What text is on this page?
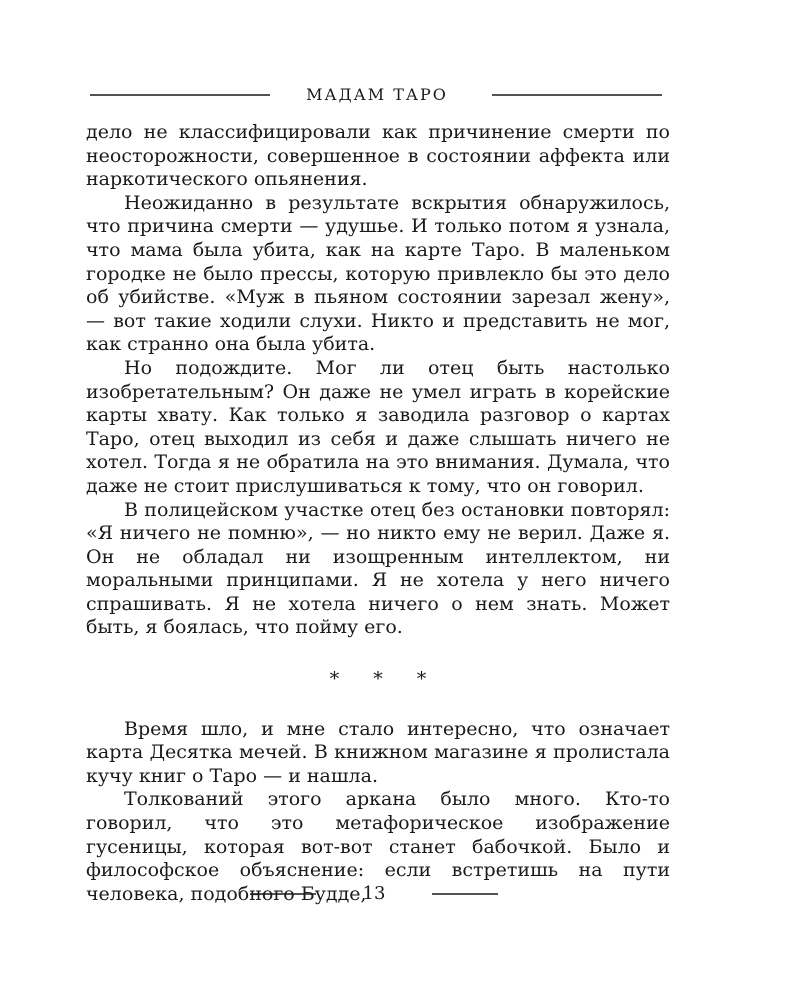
МАДАМ ТАРО

дело не классифицировали как причинение смерти по неосторожности, совершенное в состоянии аффекта или наркотического опьянения.

Неожиданно в результате вскрытия обнаружилось, что причина смерти — удушье. И только потом я узнала, что мама была убита, как на карте Таро. В маленьком городке не было прессы, которую привлекло бы это дело об убийстве. «Муж в пьяном состоянии зарезал жену», — вот такие ходили слухи. Никто и представить не мог, как странно она была убита.

Но подождите. Мог ли отец быть настолько изобретательным? Он даже не умел играть в корейские карты хвату. Как только я заводила разговор о картах Таро, отец выходил из себя и даже слышать ничего не хотел. Тогда я не обратила на это внимания. Думала, что даже не стоит прислушиваться к тому, что он говорил.

В полицейском участке отец без остановки повторял: «Я ничего не помню», — но никто ему не верил. Даже я. Он не обладал ни изощренным интеллектом, ни моральными принципами. Я не хотела у него ничего спрашивать. Я не хотела ничего о нем знать. Может быть, я боялась, что пойму его.

* * *

Время шло, и мне стало интересно, что означает карта Десятка мечей. В книжном магазине я пролистала кучу книг о Таро — и нашла.

Толкований этого аркана было много. Кто-то говорил, что это метафорическое изображение гусеницы, которая вот-вот станет бабочкой. Было и философское объяснение: если встретишь на пути человека, подобного Будде,

13
